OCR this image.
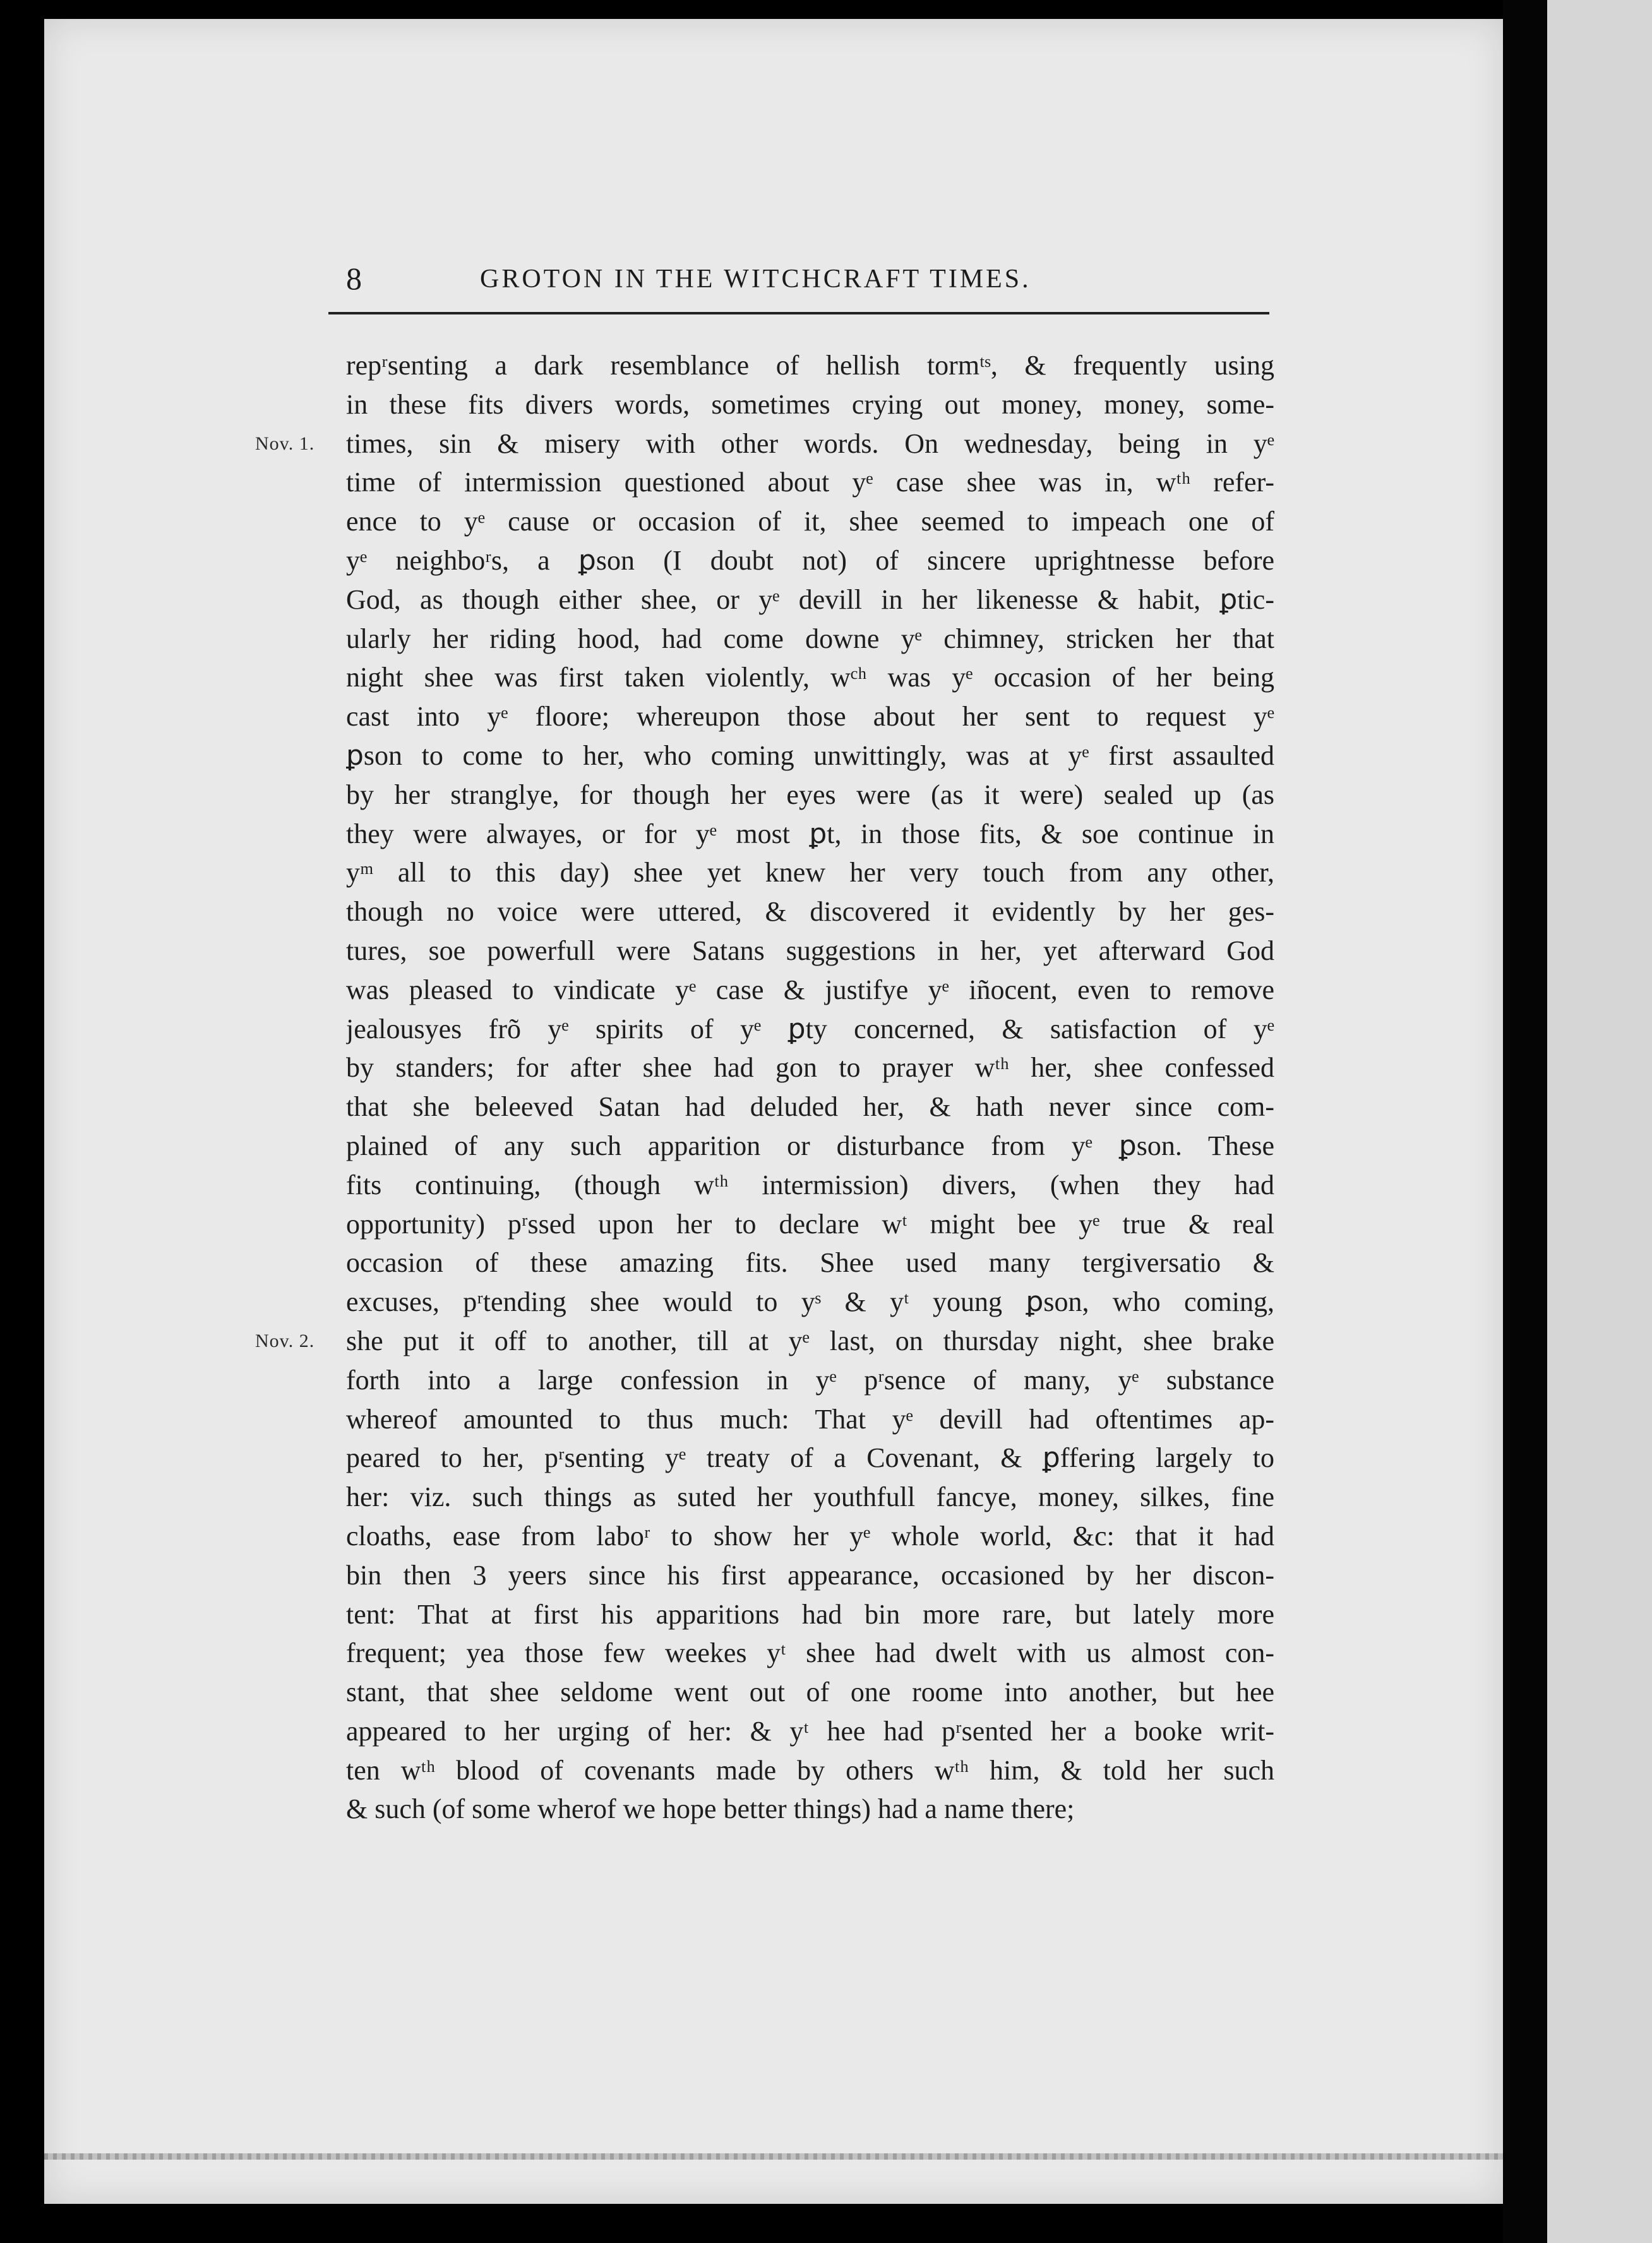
8	GROTON IN THE WITCHCRAFT TIMES.
Nov. 1.
Nov. 2.
repʳsenting a dark resemblance of hellish tormᵗˢ, & frequently using
in these fits divers words, sometimes crying out money, money, some-
times, sin & misery with other words. On wednesday, being in yᵉ
time of intermission questioned about yᵉ case shee was in, wᵗʰ refer-
ence to yᵉ cause or occasion of it, shee seemed to impeach one of
yᵉ neighboʳs, a ꝑson (I doubt not) of sincere uprightnesse before
God, as though either shee, or yᵉ devill in her likenesse & habit, ꝑtic-
ularly her riding hood, had come downe yᵉ chimney, stricken her that
night shee was first taken violently, wᶜʰ was yᵉ occasion of her being
cast into yᵉ floore; whereupon those about her sent to request yᵉ
ꝑson to come to her, who coming unwittingly, was at yᵉ first assaulted
by her stranglye, for though her eyes were (as it were) sealed up (as
they were alwayes, or for yᵉ most ꝑt, in those fits, & soe continue in
yᵐ all to this day) shee yet knew her very touch from any other,
though no voice were uttered, & discovered it evidently by her ges-
tures, soe powerfull were Satans suggestions in her, yet afterward God
was pleased to vindicate yᵉ case & justifye yᵉ iñocent, even to remove
jealousyes frõ yᵉ spirits of yᵉ ꝑty concerned, & satisfaction of yᵉ
by standers; for after shee had gon to prayer wᵗʰ her, shee confessed
that she beleeved Satan had deluded her, & hath never since com-
plained of any such apparition or disturbance from yᵉ ꝑson. These
fits continuing, (though wᵗʰ intermission) divers, (when they had
opportunity) pʳssed upon her to declare wᵗ might bee yᵉ true & real
occasion of these amazing fits. Shee used many tergiversatio &
excuses, pʳtending shee would to yˢ & yᵗ young ꝑson, who coming,
she put it off to another, till at yᵉ last, on thursday night, shee brake
forth into a large confession in yᵉ pʳsence of many, yᵉ substance
whereof amounted to thus much: That yᵉ devill had oftentimes ap-
peared to her, pʳsenting yᵉ treaty of a Covenant, & ꝑffering largely to
her: viz. such things as suted her youthfull fancye, money, silkes, fine
cloaths, ease from laboʳ to show her yᵉ whole world, &c: that it had
bin then 3 yeers since his first appearance, occasioned by her discon-
tent: That at first his apparitions had bin more rare, but lately more
frequent; yea those few weekes yᵗ shee had dwelt with us almost con-
stant, that shee seldome went out of one roome into another, but hee
appeared to her urging of her: & yᵗ hee had pʳsented her a booke writ-
ten wᵗʰ blood of covenants made by others wᵗʰ him, & told her such
& such (of some wherof we hope better things) had a name there;
